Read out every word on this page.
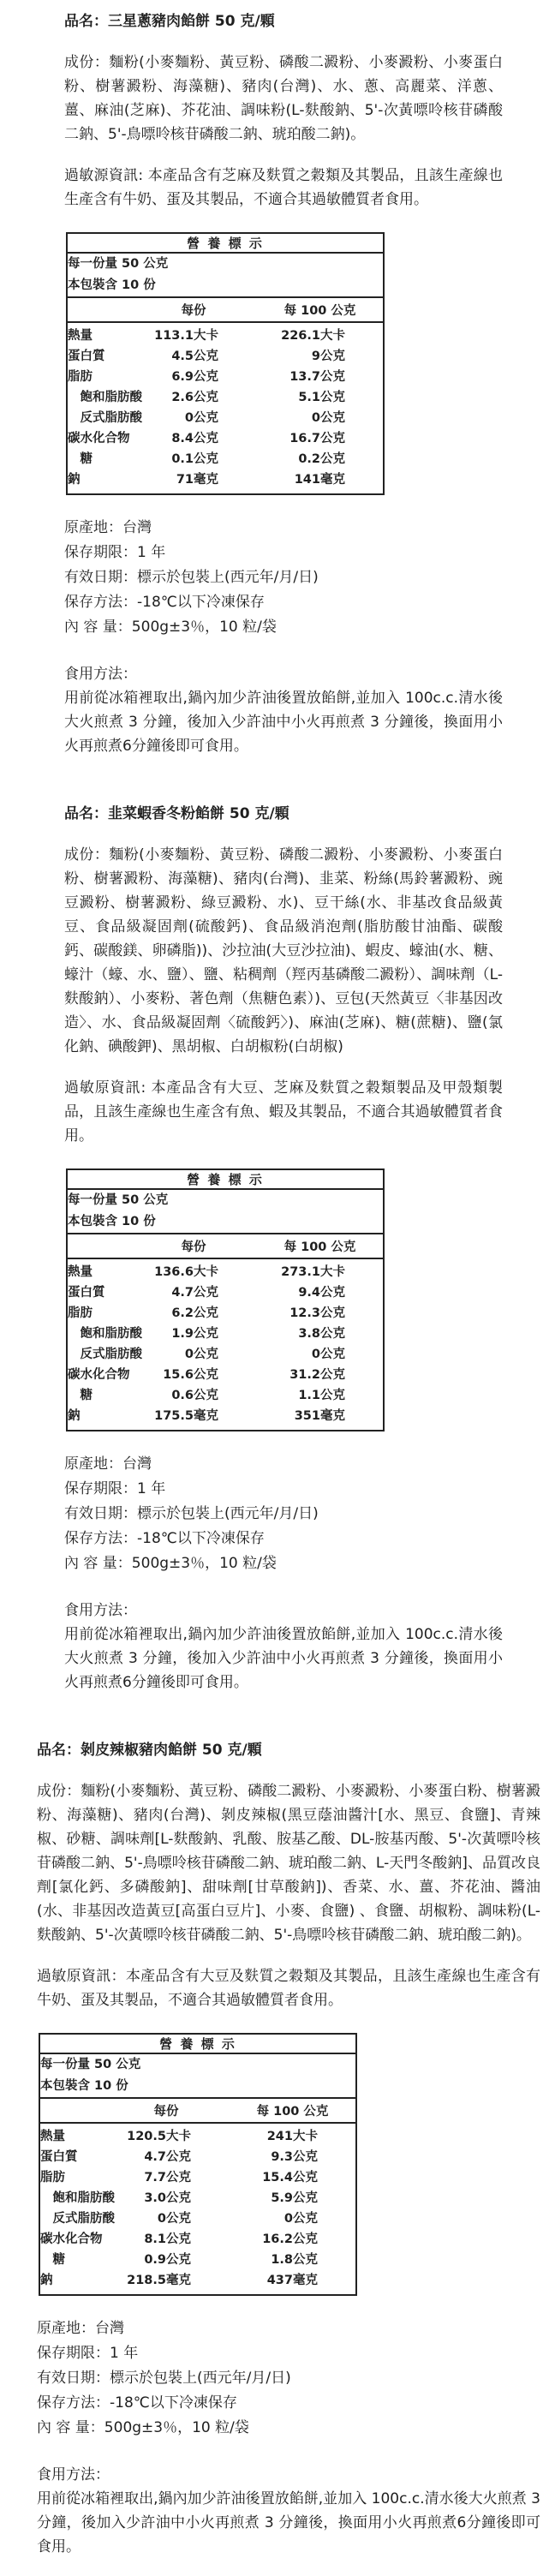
品名：三星蔥豬肉餡餅 50 克/顆

成份：麵粉(小麥麵粉、黃豆粉、磷酸二澱粉、小麥澱粉、小麥蛋白粉、樹薯澱粉、海藻糖)、豬肉(台灣)、水、蔥、高麗菜、洋蔥、薑、麻油(芝麻)、芥花油、調味粉(L-麩酸鈉、5'-次黃嘌呤核苷磷酸二鈉、5'-鳥嘌呤核苷磷酸二鈉、琥珀酸二鈉)。

過敏源資訊: 本產品含有芝麻及麩質之穀類及其製品，且該生產線也生產含有牛奶、蛋及其製品，不適合其過敏體質者食用。

營 養 標 示				

每一份量 50 公克
本包裝含 10 份				

	每份		每 100 公克	
熱量	113.1	大卡	226.1	大卡
蛋白質	4.5	公克	9	公克
脂肪	6.9	公克	13.7	公克
　飽和脂肪酸	2.6	公克	5.1	公克
　反式脂肪酸	0	公克	0	公克
碳水化合物	8.4	公克	16.7	公克
　糖	0.1	公克	0.2	公克
鈉	71	毫克	141	毫克
原產地：台灣
保存期限：1 年
有效日期：標示於包裝上(西元年/月/日)
保存方法：-18℃以下冷凍保存
內 容 量：500g±3％，10 粒/袋

食用方法：

用前從冰箱裡取出,鍋內加少許油後置放餡餅,並加入 100c.c.清水後大火煎煮 3 分鐘，後加入少許油中小火再煎煮 3 分鐘後，換面用小火再煎煮6分鐘後即可食用。

品名：韭菜蝦香冬粉餡餅 50 克/顆

成份：麵粉(小麥麵粉、黃豆粉、磷酸二澱粉、小麥澱粉、小麥蛋白粉、樹薯澱粉、海藻糖)、豬肉(台灣)、韭菜、粉絲(馬鈴薯澱粉、豌豆澱粉、樹薯澱粉、綠豆澱粉、水)、豆干絲(水、非基改食品級黃豆、食品級凝固劑(硫酸鈣)、食品級消泡劑(脂肪酸甘油酯、碳酸鈣、碳酸鎂、卵磷脂))、沙拉油(大豆沙拉油)、蝦皮、蠔油(水、糖、蠔汁（蠔、水、鹽）、鹽、粘稠劑（羥丙基磷酸二澱粉）、調味劑（L-麩酸鈉）、小麥粉、著色劑（焦糖色素）)、豆包(天然黃豆〈非基因改造〉、水、食品級凝固劑〈硫酸鈣〉)、麻油(芝麻)、糖(蔗糖)、鹽(氯化鈉、碘酸鉀)、黑胡椒、白胡椒粉(白胡椒)

過敏原資訊: 本產品含有大豆、芝麻及麩質之穀類製品及甲殼類製品，且該生產線也生產含有魚、蝦及其製品，不適合其過敏體質者食用。

營 養 標 示				

每一份量 50 公克
本包裝含 10 份				

	每份		每 100 公克	
熱量	136.6	大卡	273.1	大卡
蛋白質	4.7	公克	9.4	公克
脂肪	6.2	公克	12.3	公克
　飽和脂肪酸	1.9	公克	3.8	公克
　反式脂肪酸	0	公克	0	公克
碳水化合物	15.6	公克	31.2	公克
　糖	0.6	公克	1.1	公克
鈉	175.5	毫克	351	毫克
原產地：台灣
保存期限：1 年
有效日期：標示於包裝上(西元年/月/日)
保存方法：-18℃以下冷凍保存
內 容 量：500g±3％，10 粒/袋

食用方法：

用前從冰箱裡取出,鍋內加少許油後置放餡餅,並加入 100c.c.清水後大火煎煮 3 分鐘，後加入少許油中小火再煎煮 3 分鐘後，換面用小火再煎煮6分鐘後即可食用。

品名：剝皮辣椒豬肉餡餅 50 克/顆

成份：麵粉(小麥麵粉、黃豆粉、磷酸二澱粉、小麥澱粉、小麥蛋白粉、樹薯澱粉、海藻糖)、豬肉(台灣)、剝皮辣椒(黑豆蔭油醬汁[水、黑豆、食鹽]、青辣椒、砂糖、調味劑[L-麩酸鈉、乳酸、胺基乙酸、DL-胺基丙酸、5'-次黃嘌呤核苷磷酸二鈉、5'-鳥嘌呤核苷磷酸二鈉、琥珀酸二鈉、L-天門冬酸鈉]、品質改良劑[氯化鈣、多磷酸鈉]、甜味劑[甘草酸鈉])、香菜、水、薑、芥花油、醬油(水、非基因改造黃豆[高蛋白豆片]、小麥、食鹽) 、食鹽、胡椒粉、調味粉(L-麩酸鈉、5'-次黃嘌呤核苷磷酸二鈉、5'-鳥嘌呤核苷磷酸二鈉、琥珀酸二鈉)。

過敏原資訊：本產品含有大豆及麩質之穀類及其製品，且該生產線也生產含有牛奶、蛋及其製品，不適合其過敏體質者食用。

營 養 標 示				

每一份量 50 公克
本包裝含 10 份				

	每份		每 100 公克	
熱量	120.5	大卡	241	大卡
蛋白質	4.7	公克	9.3	公克
脂肪	7.7	公克	15.4	公克
　飽和脂肪酸	3.0	公克	5.9	公克
　反式脂肪酸	0	公克	0	公克
碳水化合物	8.1	公克	16.2	公克
　糖	0.9	公克	1.8	公克
鈉	218.5	毫克	437	毫克
原產地：台灣
保存期限：1 年
有效日期：標示於包裝上(西元年/月/日)
保存方法：-18℃以下冷凍保存
內 容 量：500g±3％，10 粒/袋

食用方法：

用前從冰箱裡取出,鍋內加少許油後置放餡餅,並加入 100c.c.清水後大火煎煮 3 分鐘，後加入少許油中小火再煎煮 3 分鐘後，換面用小火再煎煮6分鐘後即可食用。
